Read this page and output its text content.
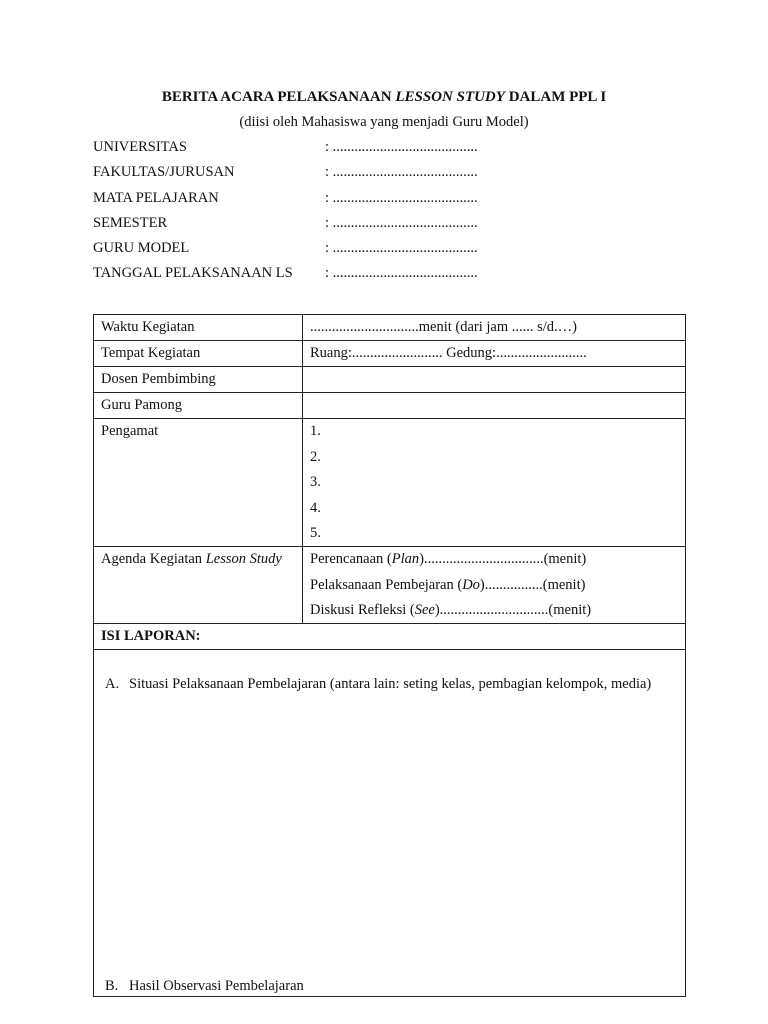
BERITA ACARA PELAKSANAAN LESSON STUDY DALAM PPL I
(diisi oleh Mahasiswa yang menjadi Guru Model)
UNIVERSITAS	: ........................................
FAKULTAS/JURUSAN	: ........................................
MATA PELAJARAN	: ........................................
SEMESTER	: ........................................
GURU MODEL	: ........................................
TANGGAL PELAKSANAAN LS	: ........................................
Waktu Kegiatan	..............................menit (dari jam ...... s/d.…)
Tempat Kegiatan	Ruang:......................... Gedung:.........................
Dosen Pembimbing	
Guru Pamong	
Pengamat	1.
2.
3.
4.
5.

Agenda Kegiatan Lesson Study	Perencanaan (Plan).................................(menit)
Pelaksanaan Pembejaran (Do)................(menit)
Diskusi Refleksi (See)..............................(menit)

ISI LAPORAN:	

A. Situasi Pelaksanaan Pembelajaran (antara lain: seting kelas, pembagian kelompok, media)
B. Hasil Observasi Pembelajaran	
